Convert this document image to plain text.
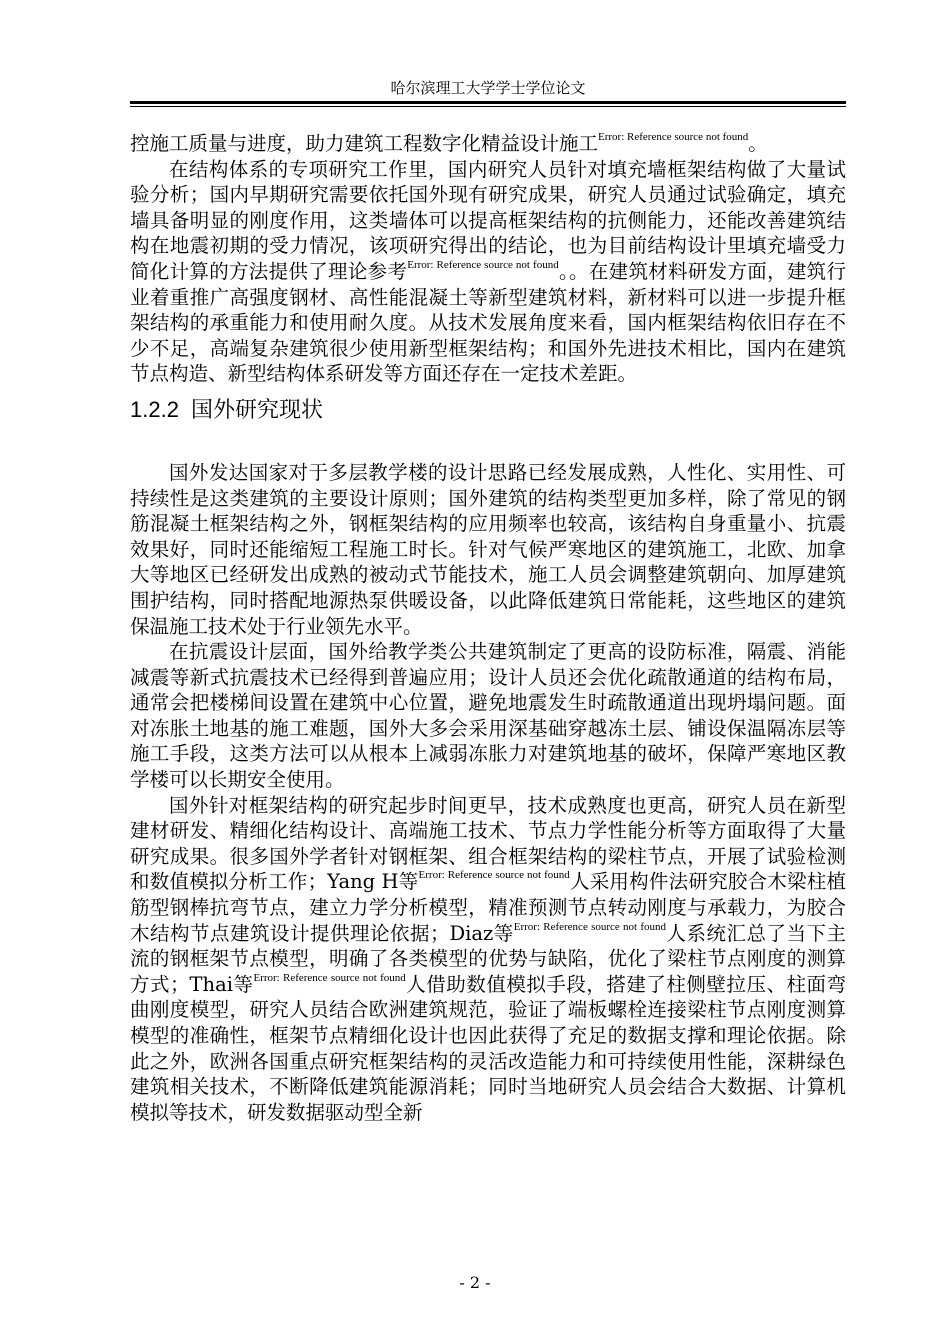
哈尔滨理工大学学士学位论文

控施工质量与进度，助力建筑工程数字化精益设计施工$^{Error: Reference source not found}$。

在结构体系的专项研究工作里，国内研究人员针对填充墙框架结构做了大量试验分析；国内早期研究需要依托国外现有研究成果，研究人员通过试验确定，填充墙具备明显的刚度作用，这类墙体可以提高框架结构的抗侧能力，还能改善建筑结构在地震初期的受力情况，该项研究得出的结论，也为目前结构设计里填充墙受力简化计算的方法提供了理论参考$^{Error: Reference source not found}$。。在建筑材料研发方面，建筑行业着重推广高强度钢材、高性能混凝土等新型建筑材料，新材料可以进一步提升框架结构的承重能力和使用耐久度。从技术发展角度来看，国内框架结构依旧存在不少不足，高端复杂建筑很少使用新型框架结构；和国外先进技术相比，国内在建筑节点构造、新型结构体系研发等方面还存在一定技术差距。

1.2.2 国外研究现状

国外发达国家对于多层教学楼的设计思路已经发展成熟，人性化、实用性、可持续性是这类建筑的主要设计原则；国外建筑的结构类型更加多样，除了常见的钢筋混凝土框架结构之外，钢框架结构的应用频率也较高，该结构自身重量小、抗震效果好，同时还能缩短工程施工时长。针对气候严寒地区的建筑施工，北欧、加拿大等地区已经研发出成熟的被动式节能技术，施工人员会调整建筑朝向、加厚建筑围护结构，同时搭配地源热泵供暖设备，以此降低建筑日常能耗，这些地区的建筑保温施工技术处于行业领先水平。

在抗震设计层面，国外给教学类公共建筑制定了更高的设防标准，隔震、消能减震等新式抗震技术已经得到普遍应用；设计人员还会优化疏散通道的结构布局，通常会把楼梯间设置在建筑中心位置，避免地震发生时疏散通道出现坍塌问题。面对冻胀土地基的施工难题，国外大多会采用深基础穿越冻土层、铺设保温隔冻层等施工手段，这类方法可以从根本上减弱冻胀力对建筑地基的破坏，保障严寒地区教学楼可以长期安全使用。

国外针对框架结构的研究起步时间更早，技术成熟度也更高，研究人员在新型建材研发、精细化结构设计、高端施工技术、节点力学性能分析等方面取得了大量研究成果。很多国外学者针对钢框架、组合框架结构的梁柱节点，开展了试验检测和数值模拟分析工作；Yang H等$^{Error: Reference source not found}$人采用构件法研究胶合木梁柱植筋型钢棒抗弯节点，建立力学分析模型，精准预测节点转动刚度与承载力，为胶合木结构节点建筑设计提供理论依据；Diaz等$^{Error: Reference source not found}$人系统汇总了当下主流的钢框架节点模型，明确了各类模型的优势与缺陷，优化了梁柱节点刚度的测算方式；Thai等$^{Error: Reference source not found}$人借助数值模拟手段，搭建了柱侧壁拉压、柱面弯曲刚度模型，研究人员结合欧洲建筑规范，验证了端板螺栓连接梁柱节点刚度测算模型的准确性，框架节点精细化设计也因此获得了充足的数据支撑和理论依据。除此之外，欧洲各国重点研究框架结构的灵活改造能力和可持续使用性能，深耕绿色建筑相关技术，不断降低建筑能源消耗；同时当地研究人员会结合大数据、计算机模拟等技术，研发数据驱动型全新

- 2 -
